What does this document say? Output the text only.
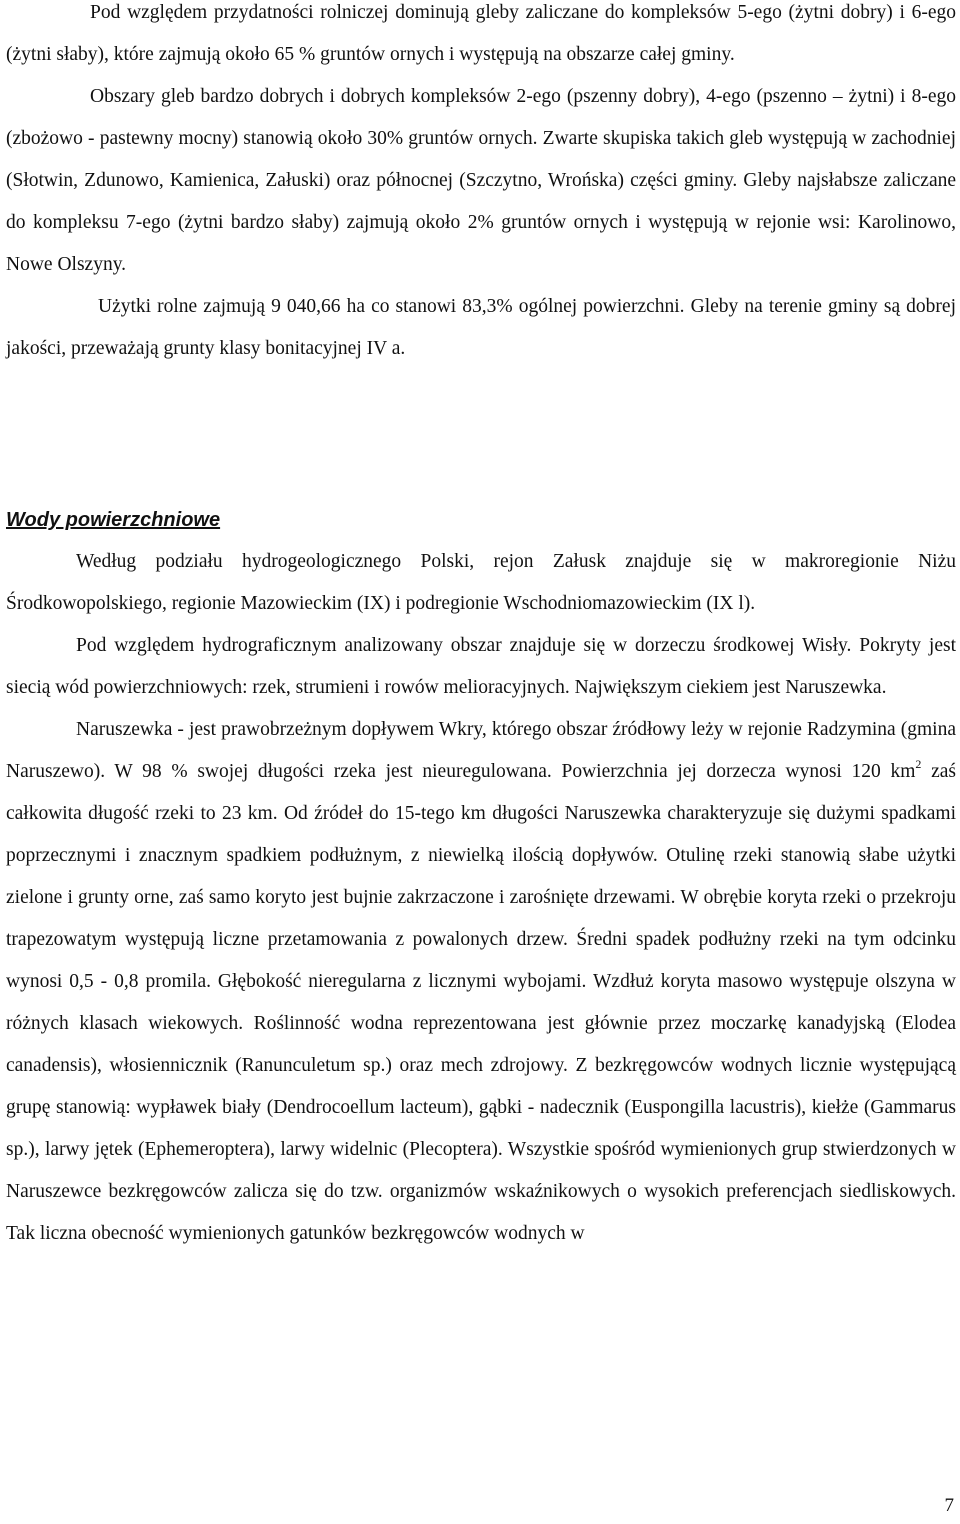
Pod względem przydatności rolniczej dominują gleby zaliczane do kompleksów 5-ego (żytni dobry) i 6-ego (żytni słaby), które zajmują około 65 % gruntów ornych i występują na obszarze całej gminy.

Obszary gleb bardzo dobrych i dobrych kompleksów 2-ego (pszenny dobry), 4-ego (pszenno – żytni) i 8-ego (zbożowo - pastewny mocny) stanowią około 30% gruntów ornych. Zwarte skupiska takich gleb występują w zachodniej (Słotwin, Zdunowo, Kamienica, Załuski) oraz północnej (Szczytno, Wrońska) części gminy. Gleby najsłabsze zaliczane do kompleksu 7-ego (żytni bardzo słaby) zajmują około 2% gruntów ornych i występują w rejonie wsi: Karolinowo, Nowe Olszyny.

Użytki rolne zajmują 9 040,66 ha co stanowi 83,3% ogólnej powierzchni. Gleby na terenie gminy są dobrej jakości, przeważają grunty klasy bonitacyjnej IV a.

Wody powierzchniowe

Według podziału hydrogeologicznego Polski, rejon Załusk znajduje się w makroregionie Niżu Środkowopolskiego, regionie Mazowieckim (IX) i podregionie Wschodniomazowieckim (IX l).

Pod względem hydrograficznym analizowany obszar znajduje się w dorzeczu środkowej Wisły. Pokryty jest siecią wód powierzchniowych: rzek, strumieni i rowów melioracyjnych. Największym ciekiem jest Naruszewka.

Naruszewka - jest prawobrzeżnym dopływem Wkry, którego obszar źródłowy leży w rejonie Radzymina (gmina Naruszewo). W 98 % swojej długości rzeka jest nieuregulowana. Powierzchnia jej dorzecza wynosi 120 $km^2$ zaś całkowita długość rzeki to 23 km. Od źródeł do 15-tego km długości Naruszewka charakteryzuje się dużymi spadkami poprzecznymi i znacznym spadkiem podłużnym, z niewielką ilością dopływów. Otulinę rzeki stanowią słabe użytki zielone i grunty orne, zaś samo koryto jest bujnie zakrzaczone i zarośnięte drzewami. W obrębie koryta rzeki o przekroju trapezowatym występują liczne przetamowania z powalonych drzew. Średni spadek podłużny rzeki na tym odcinku wynosi 0,5 - 0,8 promila. Głębokość nieregularna z licznymi wybojami. Wzdłuż koryta masowo występuje olszyna w różnych klasach wiekowych. Roślinność wodna reprezentowana jest głównie przez moczarkę kanadyjską (Elodea canadensis), włosiennicznik (Ranunculetum sp.) oraz mech zdrojowy. Z bezkręgowców wodnych licznie występującą grupę stanowią: wypławek biały (Dendrocoellum lacteum), gąbki - nadecznik (Euspongilla lacustris), kiełże (Gammarus sp.), larwy jętek (Ephemeroptera), larwy widelnic (Plecoptera). Wszystkie spośród wymienionych grup stwierdzonych w Naruszewce bezkręgowców zalicza się do tzw. organizmów wskaźnikowych o wysokich preferencjach siedliskowych. Tak liczna obecność wymienionych gatunków bezkręgowców wodnych w

7
